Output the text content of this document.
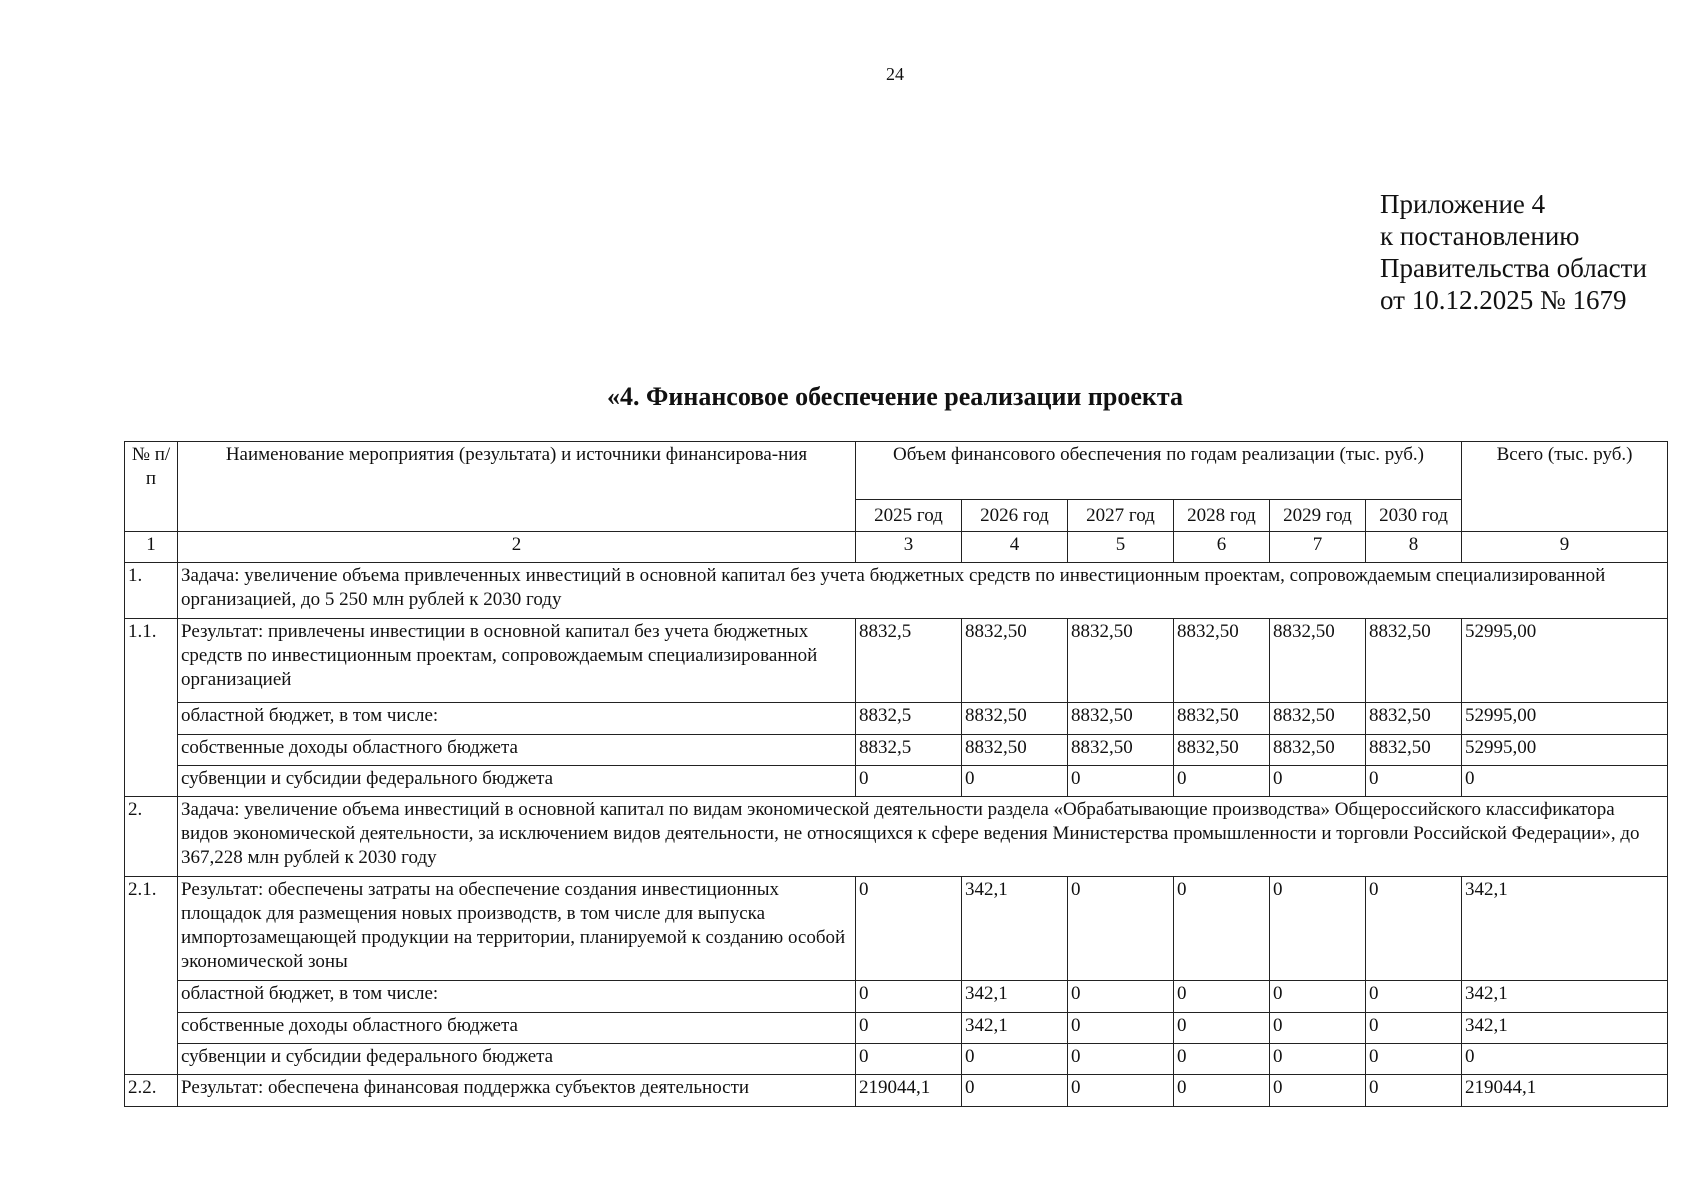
24
Приложение 4
к постановлению
Правительства области
от 10.12.2025 № 1679
«4. Финансовое обеспечение реализации проекта
№ п/п	Наименование мероприятия (результата) и источники финансирова-ния	Объем финансового обеспечения по годам реализации (тыс. руб.)						Всего (тыс. руб.)
		2025 год	2026 год	2027 год	2028 год	2029 год	2030 год	
1	2	3	4	5	6	7	8	9
1.	Задача: увеличение объема привлеченных инвестиций в основной капитал без учета бюджетных средств по инвестиционным проектам, сопровождаемым специализированной организацией, до 5 250 млн рублей к 2030 году							
1.1.	Результат: привлечены инвестиции в основной капитал без учета бюджетных средств по инвестиционным проектам, сопровождаемым специализированной организацией	8832,5	8832,50	8832,50	8832,50	8832,50	8832,50	52995,00
	областной бюджет, в том числе:	8832,5	8832,50	8832,50	8832,50	8832,50	8832,50	52995,00
	собственные доходы областного бюджета	8832,5	8832,50	8832,50	8832,50	8832,50	8832,50	52995,00
	субвенции и субсидии федерального бюджета	0	0	0	0	0	0	0
2.	Задача: увеличение объема инвестиций в основной капитал по видам экономической деятельности раздела «Обрабатывающие производства» Общероссийского классификатора видов экономической деятельности, за исключением видов деятельности, не относящихся к сфере ведения Министерства промышленности и торговли Российской Федерации», до 367,228 млн рублей к 2030 году							
2.1.	Результат: обеспечены затраты на обеспечение создания инвестиционных площадок для размещения новых производств, в том числе для выпуска импортозамещающей продукции на территории, планируемой к созданию особой экономической зоны	0	342,1	0	0	0	0	342,1
	областной бюджет, в том числе:	0	342,1	0	0	0	0	342,1
	собственные доходы областного бюджета	0	342,1	0	0	0	0	342,1
	субвенции и субсидии федерального бюджета	0	0	0	0	0	0	0
2.2.	Результат: обеспечена финансовая поддержка субъектов деятельности	219044,1	0	0	0	0	0	219044,1
